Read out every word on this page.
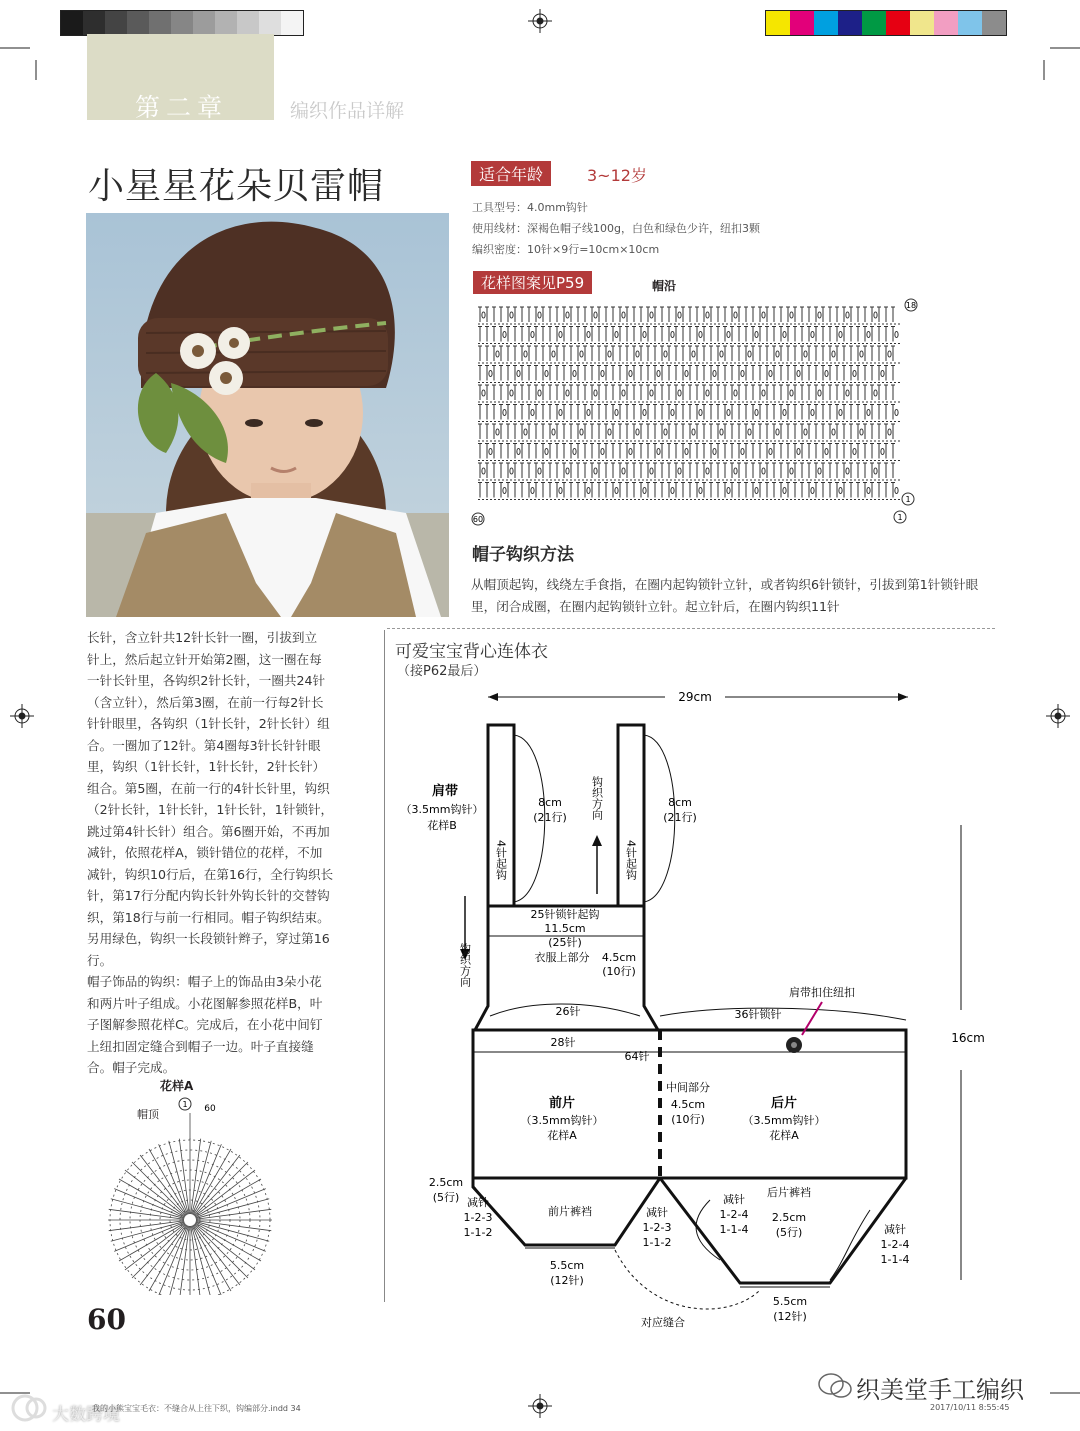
第二章	编织作品详解
小星星花朵贝雷帽	适合年龄	3~12岁
工具型号：4.0mm钩针
使用线材：深褐色帽子线100g，白色和绿色少许，纽扣3颗
编织密度：10针×9行=10cm×10cm
花样图案见P59	帽沿
18
1
60	1
帽子钩织方法
从帽顶起钩，线绕左手食指，在圈内起钩锁针立针，或者钩织6针锁针，引拔到第1针锁针眼里，闭合成圈，在圈内起钩锁针立针。起立针后，在圈内钩织11针
长针，含立针共12针长针一圈，引拔到立
针上，然后起立针开始第2圈，这一圈在每
一针长针里，各钩织2针长针，一圈共24针
（含立针），然后第3圈，在前一行每2针长
针针眼里，各钩织（1针长针，2针长针）组
合。一圈加了12针。第4圈每3针长针针眼
里，钩织（1针长针，1针长针，2针长针）
组合。第5圈，在前一行的4针长针里，钩织
（2针长针，1针长针，1针长针，1针锁针，
跳过第4针长针）组合。第6圈开始，不再加
减针，依照花样A，锁针错位的花样，不加
减针，钩织10行后，在第16行，全行钩织长
针，第17行分配内钩长针外钩长针的交替钩
织，第18行与前一行相同。帽子钩织结束。
另用绿色，钩织一长段锁针辫子，穿过第16
行。
帽子饰品的钩织：帽子上的饰品由3朵小花
和两片叶子组成。小花图解参照花样B，叶
子图解参照花样C。完成后，在小花中间钉
上纽扣固定缝合到帽子一边。叶子直接缝
合。帽子完成。
花样A
帽顶
1 60
60
可爱宝宝背心连体衣
（接P62最后）
29cm
肩带
（3.5mm钩针）
花样B
8cm
(21行)
8cm
(21行)
4针起钩	4针起钩
钩织方向
钩织方向
25针锁针起钩
11.5cm
(25针)
衣服上部分 4.5cm
(10行)
26针	36针锁针
肩带扣住纽扣
28针
64针
16cm
前片
（3.5mm钩针）
花样A
中间部分
4.5cm
(10行)
后片
（3.5mm钩针）
花样A
2.5cm
(5行) 减针
1-2-3
1-1-2
前片裤裆	减针
1-2-3
1-1-2
减针
1-2-4
1-1-4
后片裤裆
2.5cm
(5行)	减针
1-2-4
1-1-4
5.5cm
(12针)
5.5cm
(12针)
对应缝合
织美堂手工编织
大数跨境
我的小熊宝宝毛衣：不缝合从上往下织，钩编部分.indd 34	2017/10/11 8:55:45
